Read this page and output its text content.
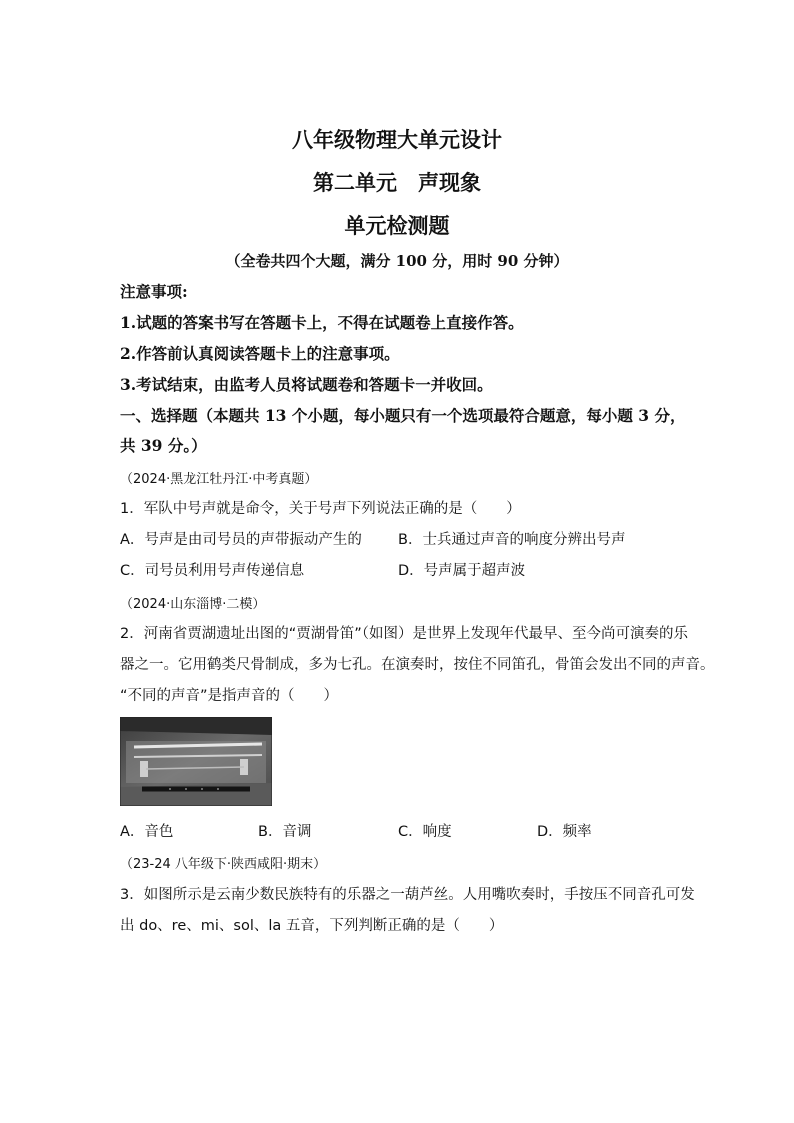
八年级物理大单元设计
第二单元　声现象
单元检测题
（全卷共四个大题，满分 100 分，用时 90 分钟）
注意事项:
1.试题的答案书写在答题卡上，不得在试题卷上直接作答。
2.作答前认真阅读答题卡上的注意事项。
3.考试结束，由监考人员将试题卷和答题卡一并收回。
一、选择题（本题共 13 个小题，每小题只有一个选项最符合题意，每小题 3 分，
共 39 分。）
（2024·黑龙江牡丹江·中考真题）
1．军队中号声就是命令，关于号声下列说法正确的是（　　）
A．号声是由司号员的声带振动产生的 B．士兵通过声音的响度分辨出号声
C．司号员利用号声传递信息	D．号声属于超声波
（2024·山东淄博·二模）
2．河南省贾湖遗址出图的“贾湖骨笛”（如图）是世界上发现年代最早、至今尚可演奏的乐
器之一。它用鹤类尺骨制成，多为七孔。在演奏时，按住不同笛孔，骨笛会发出不同的声音。
“不同的声音”是指声音的（　　）
A．音色	B．音调	C．响度	D．频率
（23-24 八年级下·陕西咸阳·期末）
3．如图所示是云南少数民族特有的乐器之一葫芦丝。人用嘴吹奏时，手按压不同音孔可发
出 do、re、mi、sol、la 五音，下列判断正确的是（　　）
